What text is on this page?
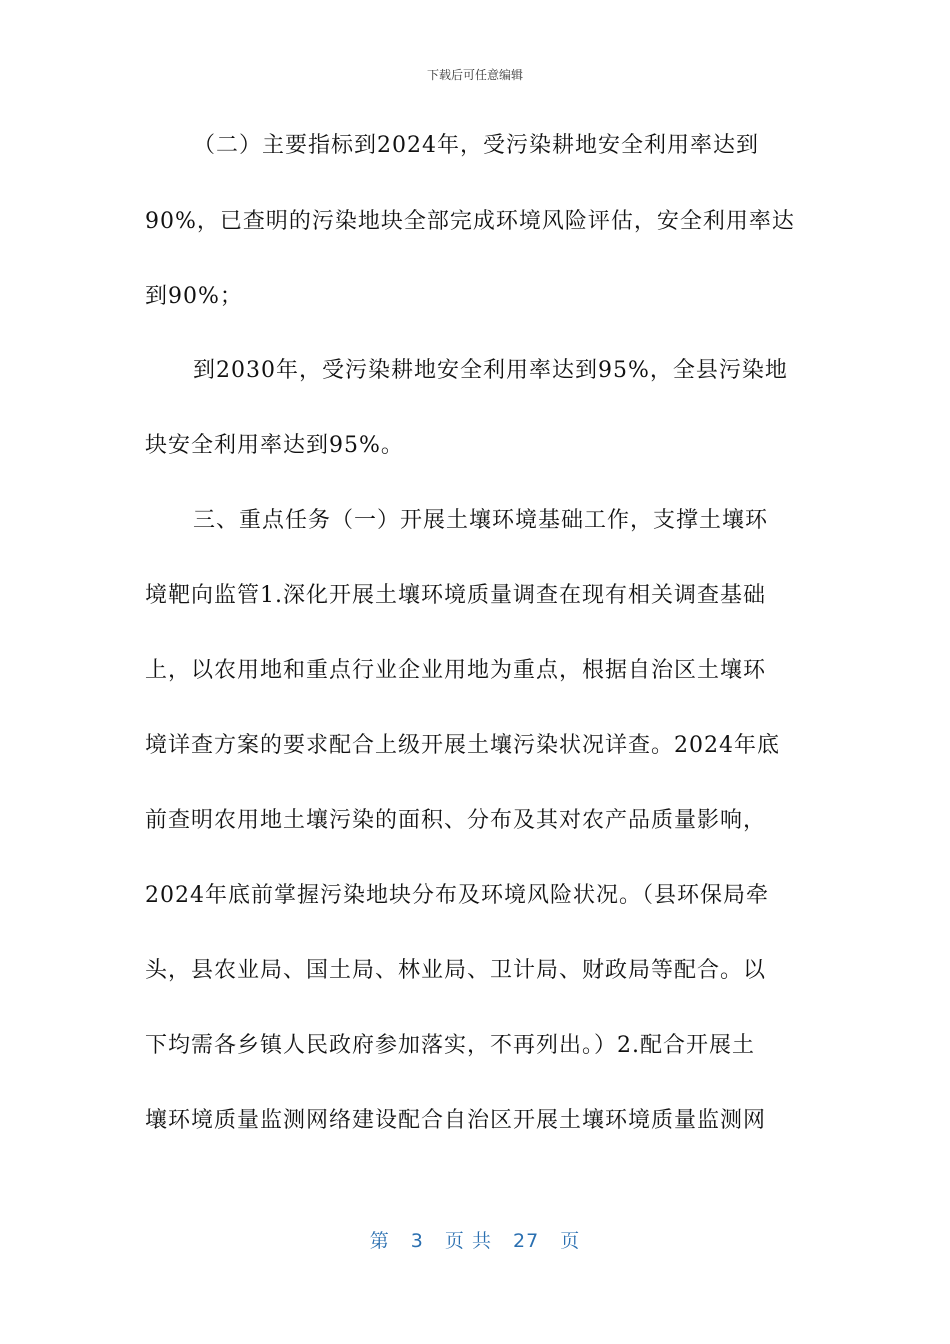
下载后可任意编辑
（二）主要指标到2024年，受污染耕地安全利用率达到
90%，已查明的污染地块全部完成环境风险评估，安全利用率达
到90%；
到2030年，受污染耕地安全利用率达到95%，全县污染地
块安全利用率达到95%。
三、重点任务（一）开展土壤环境基础工作，支撑土壤环
境靶向监管1.深化开展土壤环境质量调查在现有相关调查基础
上，以农用地和重点行业企业用地为重点，根据自治区土壤环
境详查方案的要求配合上级开展土壤污染状况详查。2024年底
前查明农用地土壤污染的面积、分布及其对农产品质量影响，
2024年底前掌握污染地块分布及环境风险状况。（县环保局牵
头，县农业局、国土局、林业局、卫计局、财政局等配合。以
下均需各乡镇人民政府参加落实，不再列出。）2.配合开展土
壤环境质量监测网络建设配合自治区开展土壤环境质量监测网
第 3 页 共 27 页
